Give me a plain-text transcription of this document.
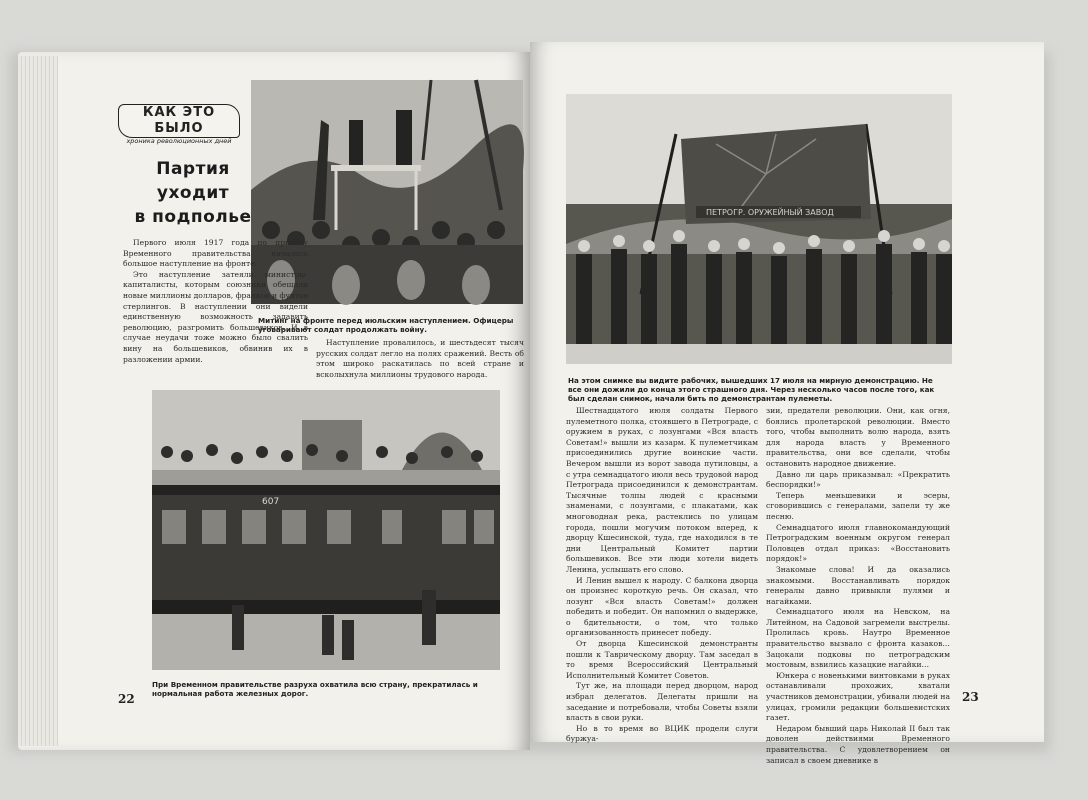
КАК ЭТО БЫЛО
хроника революционных дней
Партия
уходит
в подполье
Митинг на фронте перед июльским наступлением. Офицеры уговаривают солдат продолжать войну.

Первого июля 1917 года по приказу Временного правительства началось большое наступление на фронте.

Это наступление затеяли министры-капиталисты, которым союзники обещали новые миллионы долларов, франков и фунтов стерлингов. В наступлении они видели единственную возможность задавить революцию, разгромить большевиков. И в случае неудачи тоже можно было свалить вину на большевиков, обвинив их в разложении армии.

Наступление провалилось, и шестьдесят тысяч русских солдат легло на полях сражений. Весть об этом широко раскатилась по всей стране и всколыхнула миллионы трудового народа.

607
При Временном правительстве разруха охватила всю страну, прекратилась и нормальная работа железных дорог.
22
ПЕТРОГР. ОРУЖЕЙНЫЙ ЗАВОД
На этом снимке вы видите рабочих, вышедших 17 июля на мирную демонстрацию. Не все они дожили до конца этого страшного дня. Через несколько часов после того, как был сделан снимок, начали бить по демонстрантам пулеметы.

Шестнадцатого июля солдаты Первого пулеметного полка, стоявшего в Петрограде, с оружием в руках, с лозунгами «Вся власть Советам!» вышли из казарм. К пулеметчикам присоединились другие воинские части. Вечером вышли из ворот завода путиловцы, а с утра семнадцатого июля весь трудовой народ Петрограда присоединился к демонстрантам. Тысячные толпы людей с красными знаменами, с лозунгами, с плакатами, как многоводная река, растеклись по улицам города, пошли могучим потоком вперед, к дворцу Кшесинской, туда, где находился в те дни Центральный Комитет партии большевиков. Все эти люди хотели видеть Ленина, услышать его слово.

И Ленин вышел к народу. С балкона дворца он произнес короткую речь. Он сказал, что лозунг «Вся власть Советам!» должен победить и победит. Он напомнил о выдержке, о бдительности, о том, что только организованность принесет победу.

От дворца Кшесинской демонстранты пошли к Таврическому дворцу. Там заседал в то время Всероссийский Центральный Исполнительный Комитет Советов.

Тут же, на площади перед дворцом, народ избрал делегатов. Делегаты пришли на заседание и потребовали, чтобы Советы взяли власть в свои руки.

Но в то время во ВЦИК продели слуги буржуа-

зии, предатели революции. Они, как огня, боялись пролетарской революции. Вместо того, чтобы выполнить волю народа, взять для народа власть у Временного правительства, они все сделали, чтобы остановить народное движение.

Давно ли царь приказывал: «Прекратить беспорядки!»

Теперь меньшевики и эсеры, сговорившись с генералами, запели ту же песню.

Семнадцатого июля главнокомандующий Петроградским военным округом генерал Половцев отдал приказ: «Восстановить порядок!»

Знакомые слова! И да оказались знакомыми. Восстанавливать порядок генералы давно привыкли пулями и нагайками.

Семнадцатого июля на Невском, на Литейном, на Садовой загремели выстрелы. Пролилась кровь. Наутро Временное правительство вызвало с фронта казаков… Зацокали подковы по петроградским мостовым, взвились казацкие нагайки…

Юнкера с новенькими винтовками в руках останавливали прохожих, хватали участников демонстрации, убивали людей на улицах, громили редакции большевистских газет.

Недаром бывший царь Николай II был так доволен действиями Временного правительства. С удовлетворением он записал в своем дневнике в

23
